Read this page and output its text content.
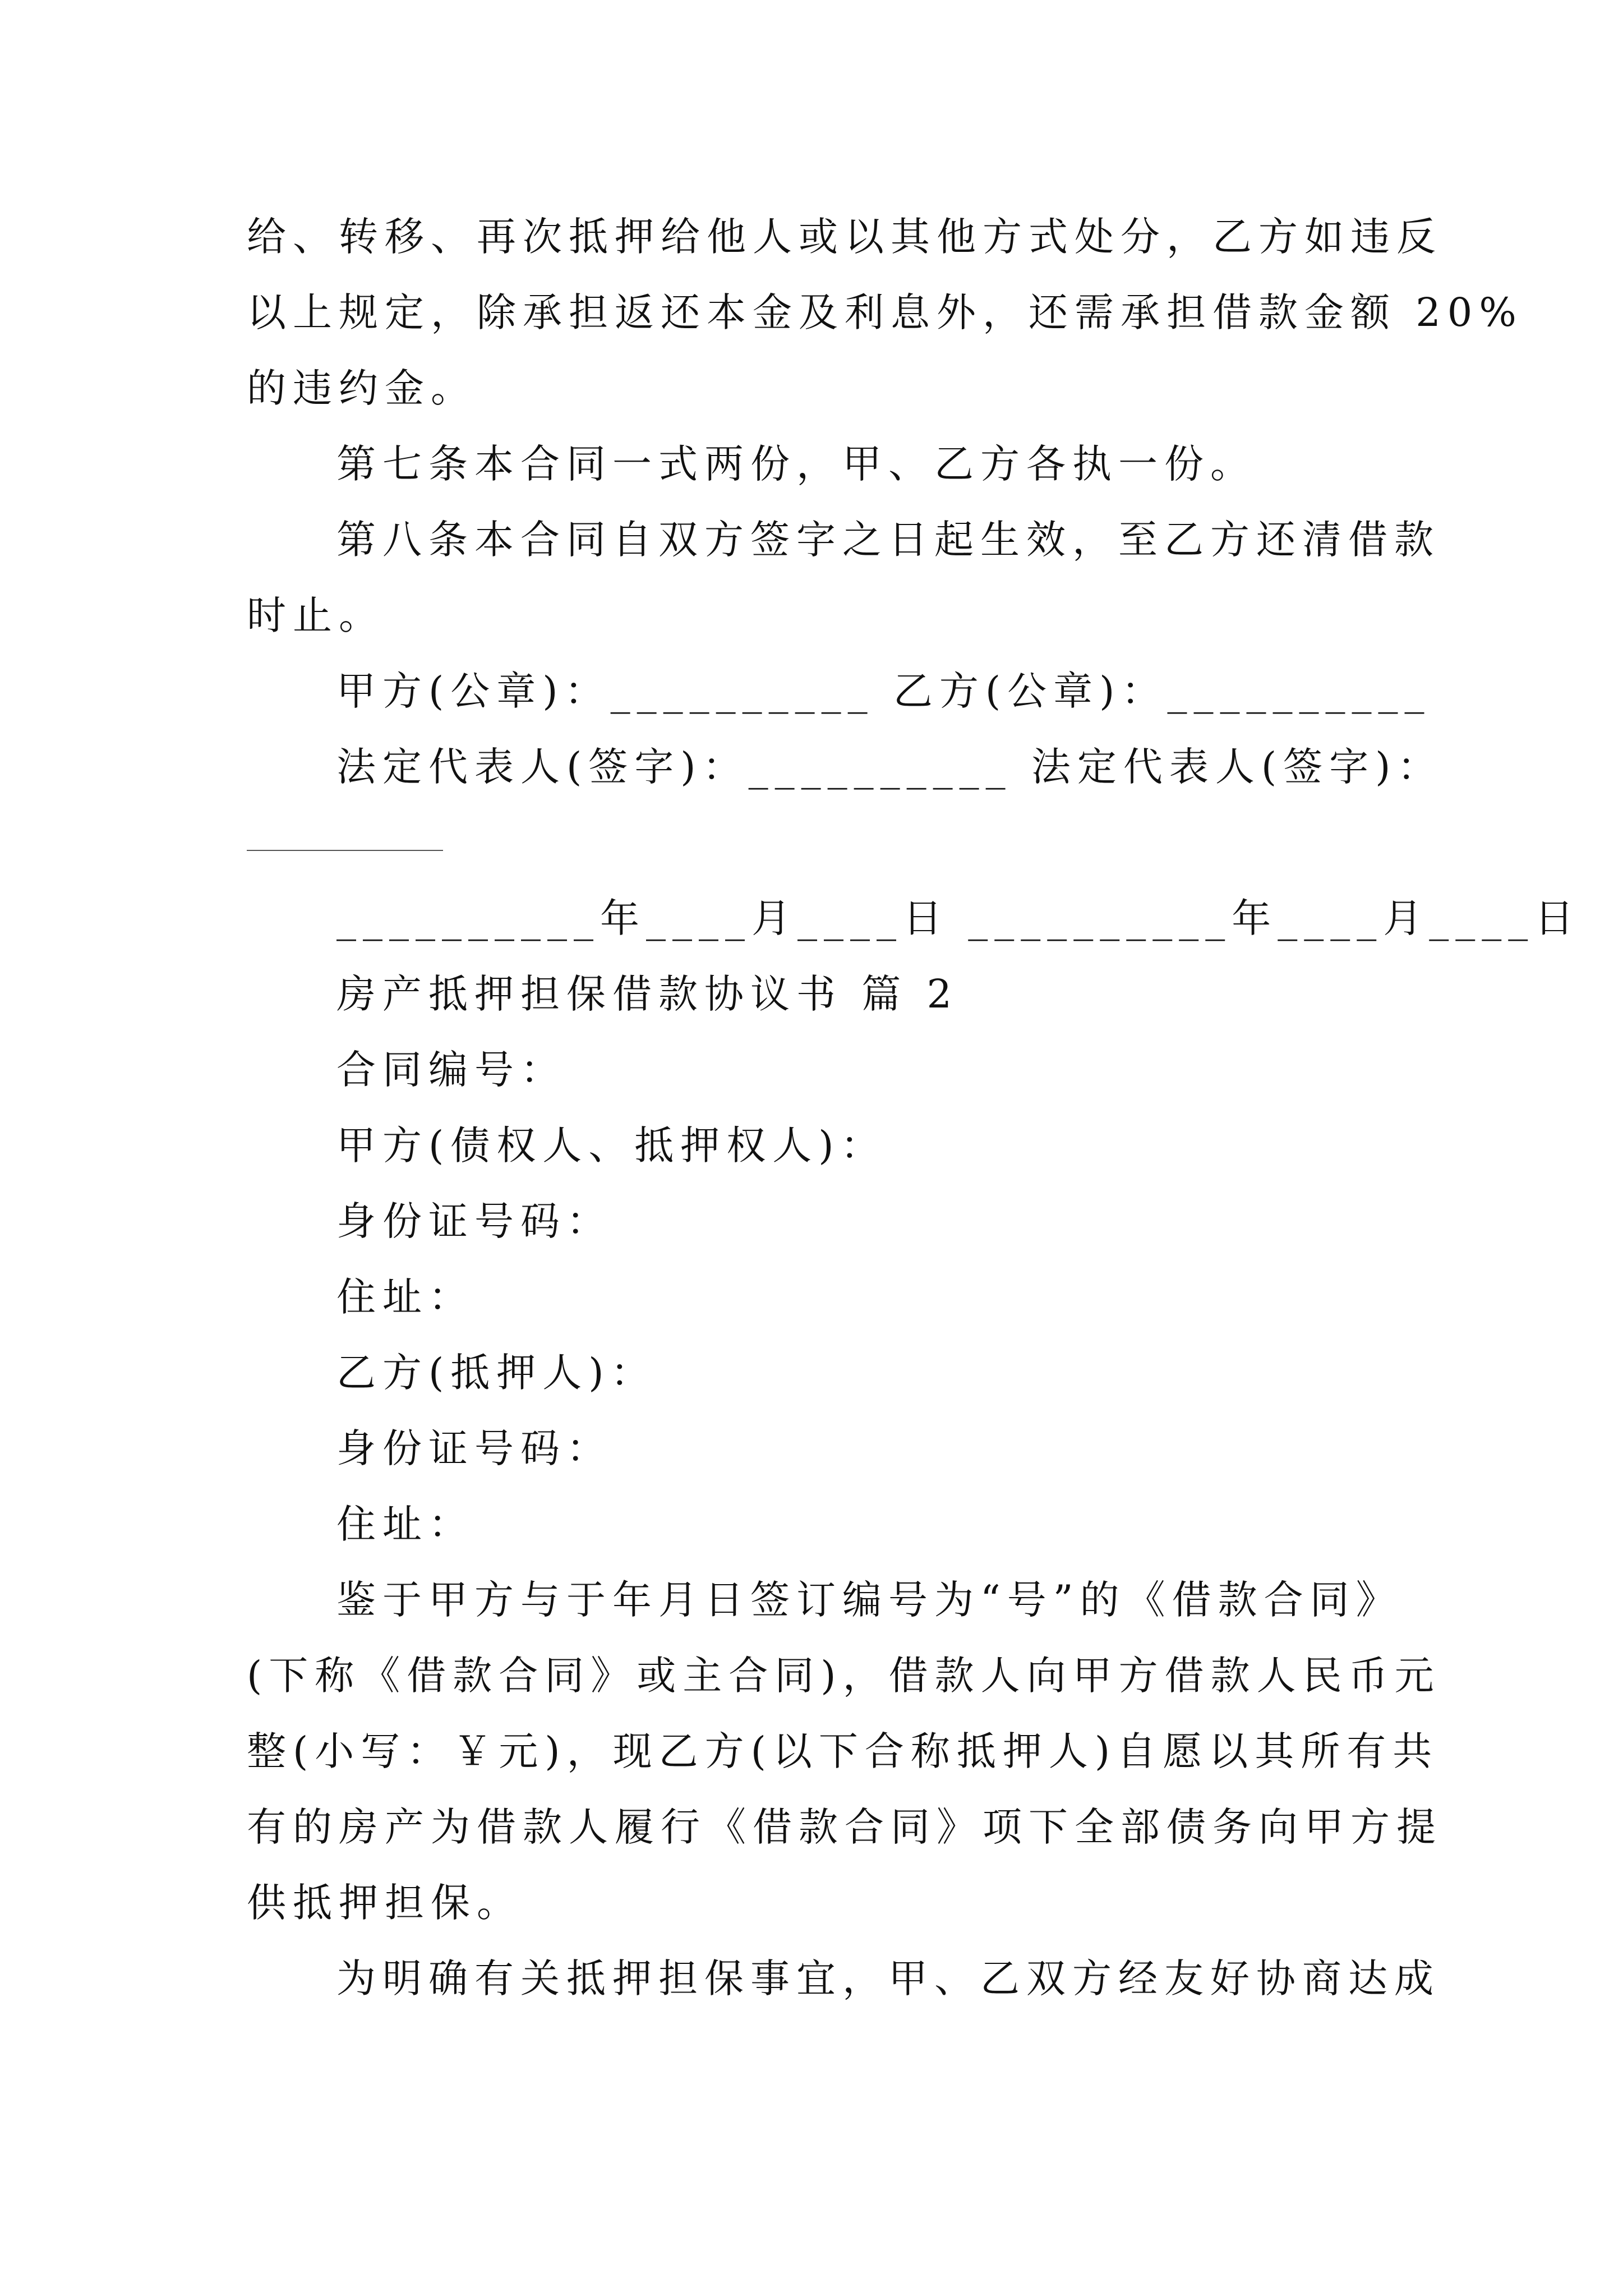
给、转移、再次抵押给他人或以其他方式处分，乙方如违反
以上规定，除承担返还本金及利息外，还需承担借款金额 20%
的违约金。

第七条本合同一式两份，甲、乙方各执一份。

第八条本合同自双方签字之日起生效，至乙方还清借款
时止。

甲方(公章)：__________ 乙方(公章)：__________

法定代表人(签字)：__________ 法定代表人(签字)：

__________年____月____日 __________年____月____日

房产抵押担保借款协议书 篇 2

合同编号：

甲方(债权人、抵押权人)：

身份证号码：

住址：

乙方(抵押人)：

身份证号码：

住址：

鉴于甲方与于年月日签订编号为“号”的《借款合同》
(下称《借款合同》或主合同)，借款人向甲方借款人民币元
整(小写：￥元)，现乙方(以下合称抵押人)自愿以其所有共
有的房产为借款人履行《借款合同》项下全部债务向甲方提
供抵押担保。

为明确有关抵押担保事宜，甲、乙双方经友好协商达成
